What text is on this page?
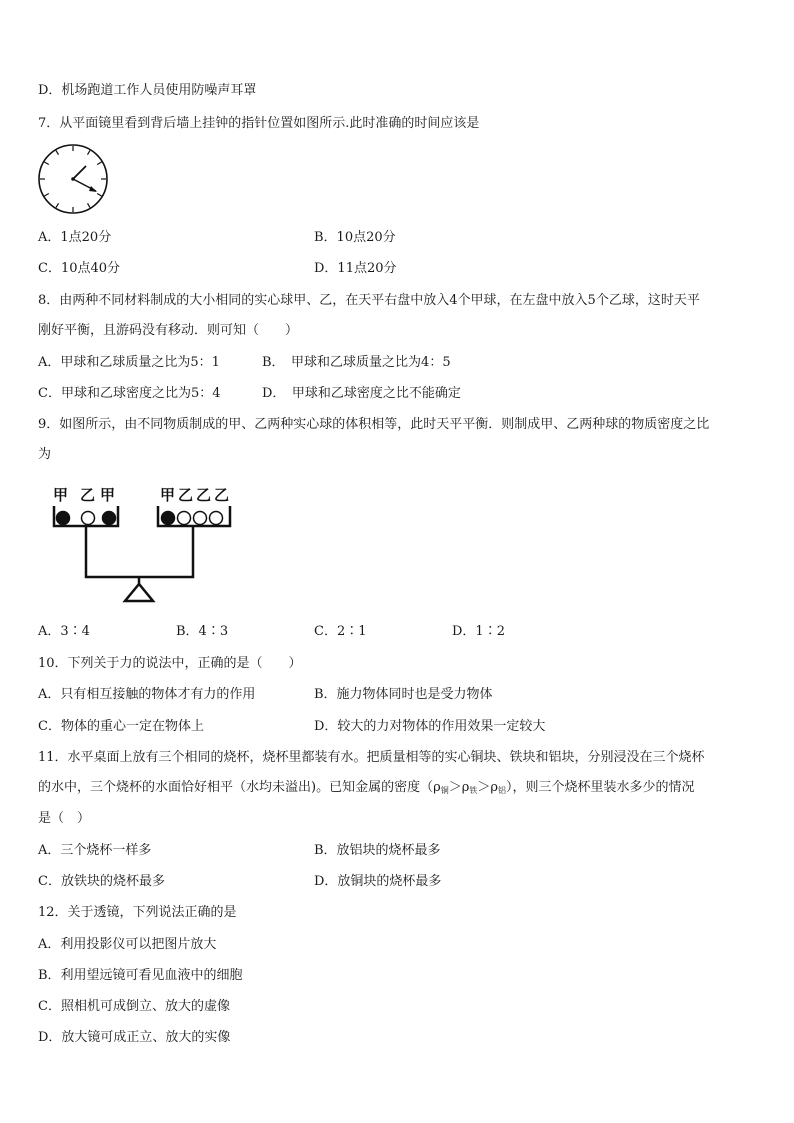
D．机场跑道工作人员使用防噪声耳罩
7．从平面镜里看到背后墙上挂钟的指针位置如图所示.此时准确的时间应该是
A．1点20分	B．10点20分
C．10点40分	D．11点20分
8．由两种不同材料制成的大小相同的实心球甲、乙，在天平右盘中放入4个甲球，在左盘中放入5个乙球，这时天平
刚好平衡，且游码没有移动．则可知（　　）
A．甲球和乙球质量之比为5：1	B．　甲球和乙球质量之比为4：5
C．甲球和乙球密度之比为5：4	D．　甲球和乙球密度之比不能确定
9．如图所示，由不同物质制成的甲、乙两种实心球的体积相等，此时天平平衡．则制成甲、乙两种球的物质密度之比
为
甲 乙 甲	甲 乙 乙 乙
A．3∶4	B．4∶3	C．2∶1	D．1∶2
10．下列关于力的说法中，正确的是（　　）
A．只有相互接触的物体才有力的作用	B．施力物体同时也是受力物体
C．物体的重心一定在物体上	D．较大的力对物体的作用效果一定较大
11．水平桌面上放有三个相同的烧杯，烧杯里都装有水。把质量相等的实心铜块、铁块和铝块，分别浸没在三个烧杯
的水中，三个烧杯的水面恰好相平（水均未溢出)。已知金属的密度$(\rho_铜>\rho_铁>\rho_铝)$，则三个烧杯里装水多少的情况
是（　）
A．三个烧杯一样多	B．放铝块的烧杯最多
C．放铁块的烧杯最多	D．放铜块的烧杯最多
12．关于透镜，下列说法正确的是
A．利用投影仪可以把图片放大
B．利用望远镜可看见血液中的细胞
C．照相机可成倒立、放大的虚像
D．放大镜可成正立、放大的实像
